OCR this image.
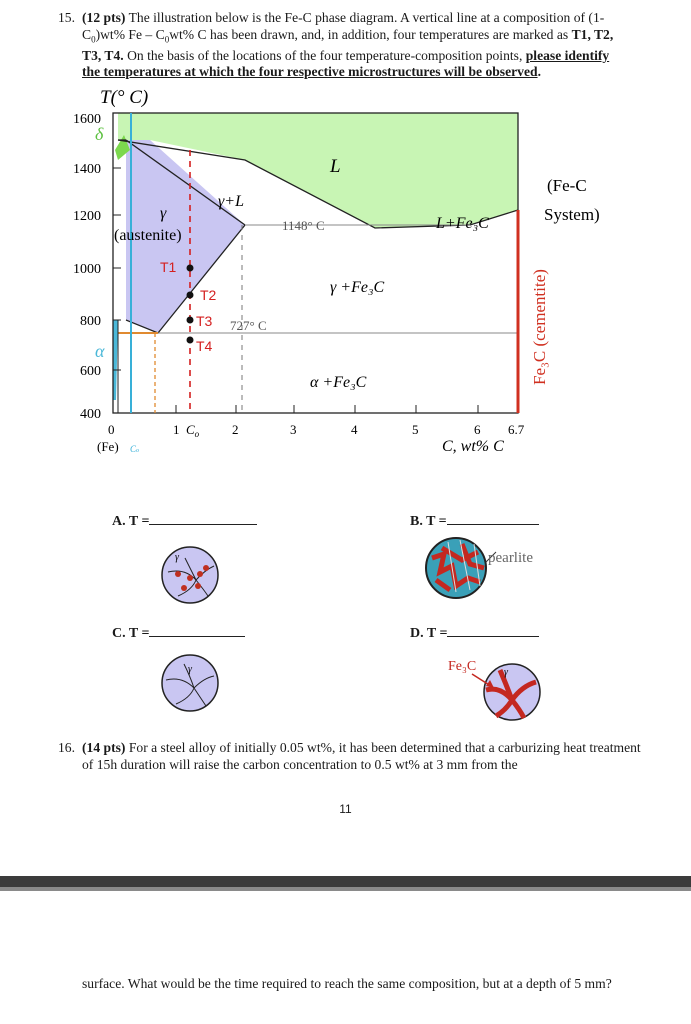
15. (12 pts) The illustration below is the Fe-C phase diagram. A vertical line at a composition of $(1-C_0)wt\%$ Fe – $C_0wt\%$ C has been drawn, and, in addition, four temperatures are marked as T1, T2, T3, T4. On the basis of the locations of the four temperature-composition points, please identify the temperatures at which the four respective microstructures will be observed.
T(° C)
1600
1400
1200
1000
800
600
400
0	1	2	3	4	5	6 6.7
$C_o$
(Fe) Co	C, wt% C
δ
α
γ
(austenite)
γ+L
L
1148° C	L+Fe₃C
γ +Fe₃C
α +Fe₃C
727° C
(Fe-C
System)
Fe₃C (cementite)
T1
T2
T3
T4
A. T =	B. T =
C. T =	D. T =
γ	pearlite
γ	γ
Fe₃C
16. (14 pts) For a steel alloy of initially 0.05 wt%, it has been determined that a carburizing heat treatment of 15h duration will raise the carbon concentration to 0.5 wt% at 3 mm from the
11
surface. What would be the time required to reach the same composition, but at a depth of 5 mm?
